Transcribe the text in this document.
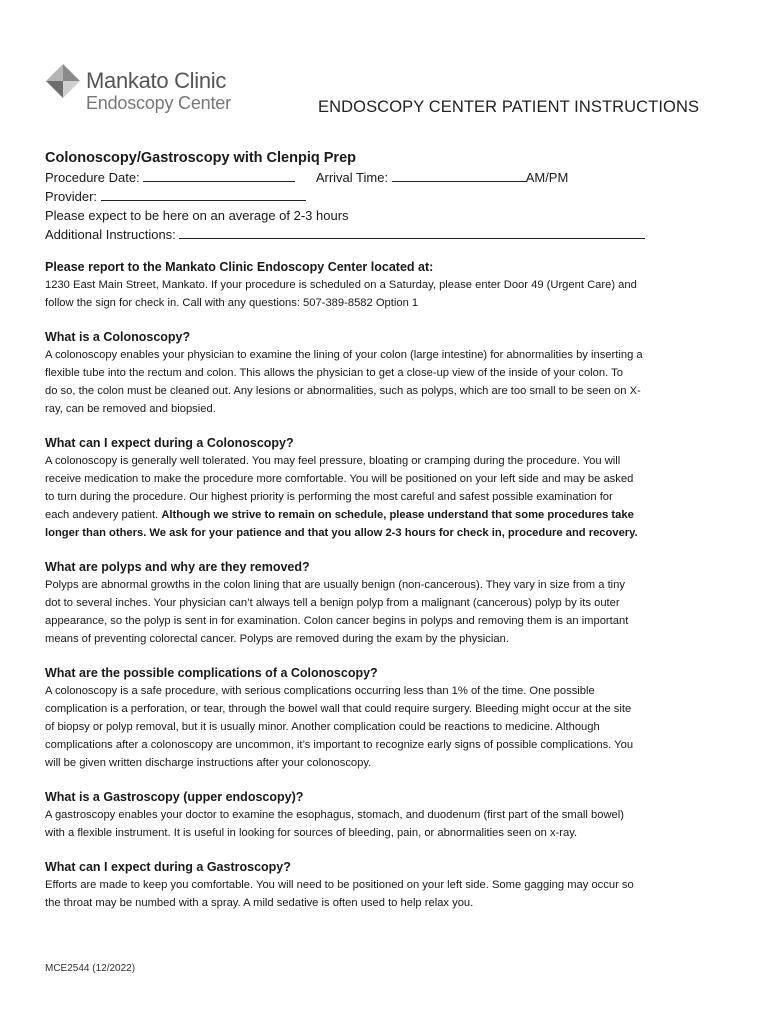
Mankato Clinic
Endoscopy Center	ENDOSCOPY CENTER PATIENT INSTRUCTIONS

Colonoscopy/Gastroscopy with Clenpiq Prep

Procedure Date:	Arrival Time:	AM/PM

Provider:

Please expect to be here on an average of 2-3 hours

Additional Instructions:

Please report to the Mankato Clinic Endoscopy Center located at:

1230 East Main Street, Mankato. If your procedure is scheduled on a Saturday, please enter Door 49 (Urgent Care) and

follow the sign for check in. Call with any questions: 507-389-8582 Option 1

What is a Colonoscopy?

A colonoscopy enables your physician to examine the lining of your colon (large intestine) for abnormalities by inserting a

flexible tube into the rectum and colon. This allows the physician to get a close-up view of the inside of your colon. To

do so, the colon must be cleaned out. Any lesions or abnormalities, such as polyps, which are too small to be seen on X-

ray, can be removed and biopsied.

What can I expect during a Colonoscopy?

A colonoscopy is generally well tolerated. You may feel pressure, bloating or cramping during the procedure. You will

receive medication to make the procedure more comfortable. You will be positioned on your left side and may be asked

to turn during the procedure. Our highest priority is performing the most careful and safest possible examination for

each andevery patient. Although we strive to remain on schedule, please understand that some procedures take

longer than others. We ask for your patience and that you allow 2-3 hours for check in, procedure and recovery.

What are polyps and why are they removed?

Polyps are abnormal growths in the colon lining that are usually benign (non-cancerous). They vary in size from a tiny

dot to several inches. Your physician can’t always tell a benign polyp from a malignant (cancerous) polyp by its outer

appearance, so the polyp is sent in for examination. Colon cancer begins in polyps and removing them is an important

means of preventing colorectal cancer. Polyps are removed during the exam by the physician.

What are the possible complications of a Colonoscopy?

A colonoscopy is a safe procedure, with serious complications occurring less than 1% of the time. One possible

complication is a perforation, or tear, through the bowel wall that could require surgery. Bleeding might occur at the site

of biopsy or polyp removal, but it is usually minor. Another complication could be reactions to medicine. Although

complications after a colonoscopy are uncommon, it’s important to recognize early signs of possible complications. You

will be given written discharge instructions after your colonoscopy.

What is a Gastroscopy (upper endoscopy)?

A gastroscopy enables your doctor to examine the esophagus, stomach, and duodenum (first part of the small bowel)

with a flexible instrument. It is useful in looking for sources of bleeding, pain, or abnormalities seen on x-ray.

What can I expect during a Gastroscopy?

Efforts are made to keep you comfortable. You will need to be positioned on your left side. Some gagging may occur so

the throat may be numbed with a spray. A mild sedative is often used to help relax you.

MCE2544 (12/2022)
